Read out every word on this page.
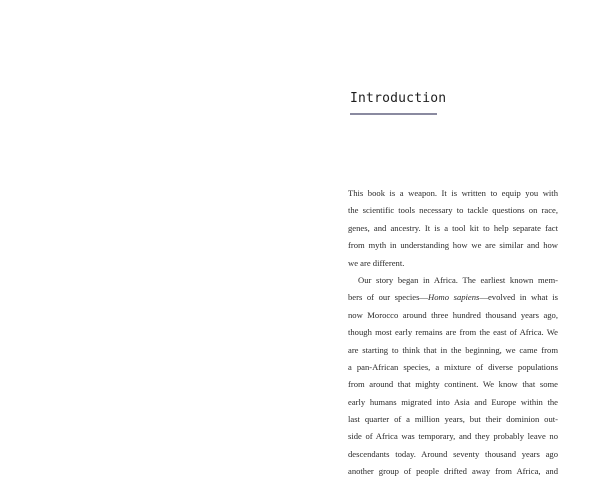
Introduction
This book is a weapon. It is written to equip you with
the scientific tools necessary to tackle questions on race,
genes, and ancestry. It is a tool kit to help separate fact
from myth in understanding how we are similar and how
we are different.
Our story began in Africa. The earliest known mem-
bers of our species—Homo sapiens—evolved in what is
now Morocco around three hundred thousand years ago,
though most early remains are from the east of Africa. We
are starting to think that in the beginning, we came from
a pan-African species, a mixture of diverse populations
from around that mighty continent. We know that some
early humans migrated into Asia and Europe within the
last quarter of a million years, but their dominion out-
side of Africa was temporary, and they probably leave no
descendants today. Around seventy thousand years ago
another group of people drifted away from Africa, and
